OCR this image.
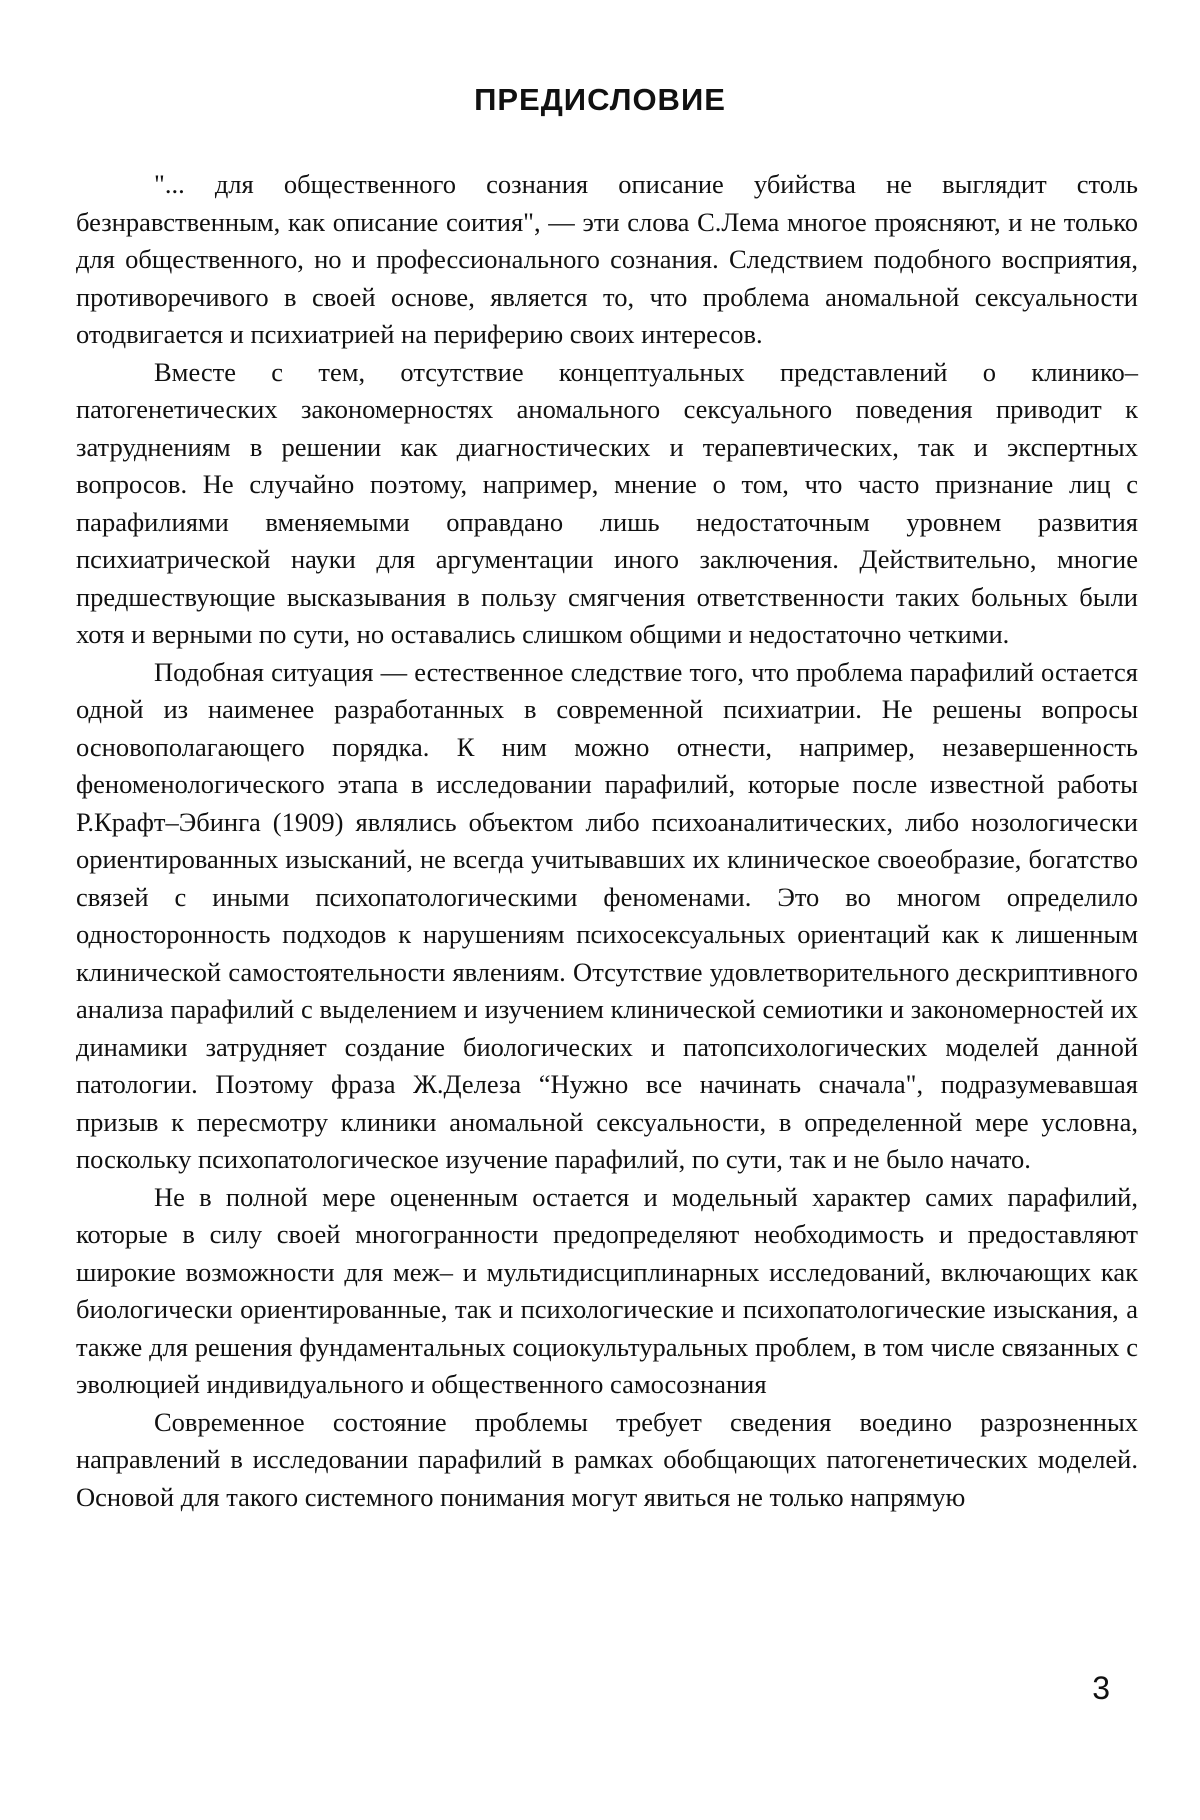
ПРЕДИСЛОВИЕ

"... для общественного сознания описание убийства не выглядит столь безнравственным, как описание соития", — эти слова С.Лема многое проясняют, и не только для общественного, но и профессионального сознания. Следствием подобного восприятия, противоречивого в своей основе, является то, что проблема аномальной сексуальности отодвигается и психиатрией на периферию своих интересов.

Вместе с тем, отсутствие концептуальных представлений о клинико–патогенетических закономерностях аномального сексуального поведения приводит к затруднениям в решении как диагностических и терапевтических, так и экспертных вопросов. Не случайно поэтому, например, мнение о том, что часто признание лиц с парафилиями вменяемыми оправдано лишь недостаточным уровнем развития психиатрической науки для аргументации иного заключения. Действительно, многие предшествующие высказывания в пользу смягчения ответственности таких больных были хотя и верными по сути, но оставались слишком общими и недостаточно четкими.

Подобная ситуация — естественное следствие того, что проблема парафилий остается одной из наименее разработанных в современной психиатрии. Не решены вопросы основополагающего порядка. К ним можно отнести, например, незавершенность феноменологического этапа в исследовании парафилий, которые после известной работы Р.Крафт–Эбинга (1909) являлись объектом либо психоаналитических, либо нозологически ориентированных изысканий, не всегда учитывавших их клиническое своеобразие, богатство связей с иными психопатологическими феноменами. Это во многом определило односторонность подходов к нарушениям психосексуальных ориентаций как к лишенным клинической самостоятельности явлениям. Отсутствие удовлетворительного дескриптивного анализа парафилий с выделением и изучением клинической семиотики и закономерностей их динамики затрудняет создание биологических и патопсихологических моделей данной патологии. Поэтому фраза Ж.Делеза “Нужно все начинать сначала", подразумевавшая призыв к пересмотру клиники аномальной сексуальности, в определенной мере условна, поскольку психопатологическое изучение парафилий, по сути, так и не было начато.

Не в полной мере оцененным остается и модельный характер самих парафилий, которые в силу своей многогранности предопределяют необходимость и предоставляют широкие возможности для меж– и мультидисциплинарных исследований, включающих как биологически ориентированные, так и психологические и психопатологические изыскания, а также для решения фундаментальных социокультуральных проблем, в том числе связанных с эволюцией индивидуального и общественного самосознания

Современное состояние проблемы требует сведения воедино разрозненных направлений в исследовании парафилий в рамках обобщающих патогенетических моделей. Основой для такого системного понимания могут явиться не только напрямую

3
